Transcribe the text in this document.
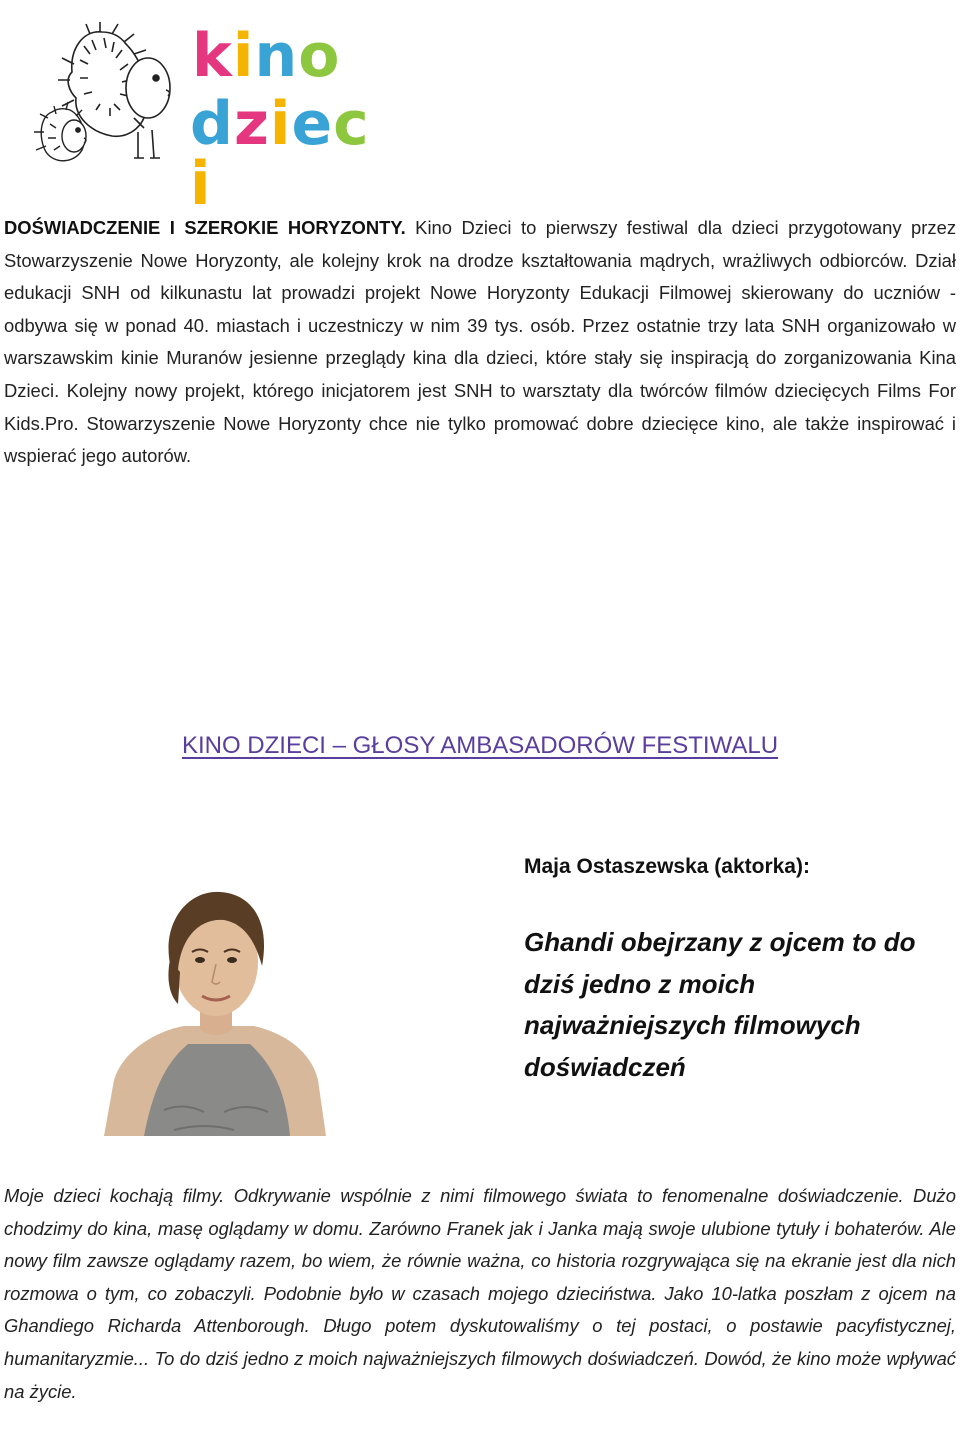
kino
dzieci
DOŚWIADCZENIE I SZEROKIE HORYZONTY. Kino Dzieci to pierwszy festiwal dla dzieci przygotowany przez Stowarzyszenie Nowe Horyzonty, ale kolejny krok na drodze kształtowania mądrych, wrażliwych odbiorców. Dział edukacji SNH od kilkunastu lat prowadzi projekt Nowe Horyzonty Edukacji Filmowej skierowany do uczniów - odbywa się w ponad 40. miastach i uczestniczy w nim 39 tys. osób. Przez ostatnie trzy lata SNH organizowało w warszawskim kinie Muranów jesienne przeglądy kina dla dzieci, które stały się inspiracją do zorganizowania Kina Dzieci. Kolejny nowy projekt, którego inicjatorem jest SNH to warsztaty dla twórców filmów dziecięcych Films For Kids.Pro. Stowarzyszenie Nowe Horyzonty chce nie tylko promować dobre dziecięce kino, ale także inspirować i wspierać jego autorów.
KINO DZIECI – GŁOSY AMBASADORÓW FESTIWALU
Maja Ostaszewska (aktorka):
Ghandi obejrzany z ojcem to do dziś jedno z moich najważniejszych filmowych doświadczeń
Moje dzieci kochają filmy. Odkrywanie wspólnie z nimi filmowego świata to fenomenalne doświadczenie. Dużo chodzimy do kina, masę oglądamy w domu. Zarówno Franek jak i Janka mają swoje ulubione tytuły i bohaterów. Ale nowy film zawsze oglądamy razem, bo wiem, że równie ważna, co historia rozgrywająca się na ekranie jest dla nich rozmowa o tym, co zobaczyli. Podobnie było w czasach mojego dzieciństwa. Jako 10-latka poszłam z ojcem na Ghandiego Richarda Attenborough. Długo potem dyskutowaliśmy o tej postaci, o postawie pacyfistycznej, humanitaryzmie... To do dziś jedno z moich najważniejszych filmowych doświadczeń. Dowód, że kino może wpływać na życie.
